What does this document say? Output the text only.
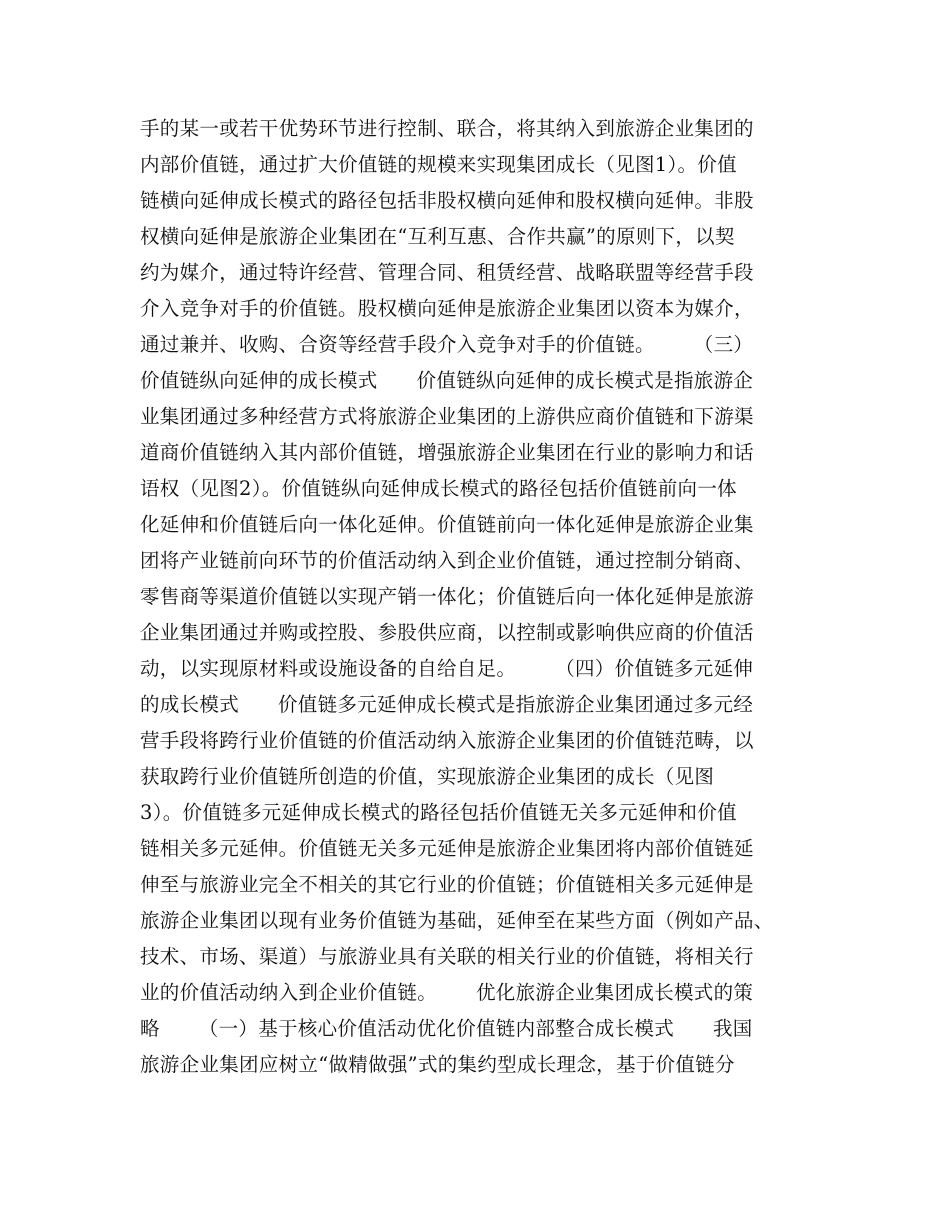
手的某一或若干优势环节进行控制、联合，将其纳入到旅游企业集团的
内部价值链，通过扩大价值链的规模来实现集团成长（见图1）。价值
链横向延伸成长模式的路径包括非股权横向延伸和股权横向延伸。非股
权横向延伸是旅游企业集团在“互利互惠、合作共赢”的原则下，以契
约为媒介，通过特许经营、管理合同、租赁经营、战略联盟等经营手段
介入竞争对手的价值链。股权横向延伸是旅游企业集团以资本为媒介，
通过兼并、收购、合资等经营手段介入竞争对手的价值链。      （三）
价值链纵向延伸的成长模式      价值链纵向延伸的成长模式是指旅游企
业集团通过多种经营方式将旅游企业集团的上游供应商价值链和下游渠
道商价值链纳入其内部价值链，增强旅游企业集团在行业的影响力和话
语权（见图2）。价值链纵向延伸成长模式的路径包括价值链前向一体
化延伸和价值链后向一体化延伸。价值链前向一体化延伸是旅游企业集
团将产业链前向环节的价值活动纳入到企业价值链，通过控制分销商、
零售商等渠道价值链以实现产销一体化；价值链后向一体化延伸是旅游
企业集团通过并购或控股、参股供应商，以控制或影响供应商的价值活
动，以实现原材料或设施设备的自给自足。      （四）价值链多元延伸
的成长模式      价值链多元延伸成长模式是指旅游企业集团通过多元经
营手段将跨行业价值链的价值活动纳入旅游企业集团的价值链范畴，以
获取跨行业价值链所创造的价值，实现旅游企业集团的成长（见图
3）。价值链多元延伸成长模式的路径包括价值链无关多元延伸和价值
链相关多元延伸。价值链无关多元延伸是旅游企业集团将内部价值链延
伸至与旅游业完全不相关的其它行业的价值链；价值链相关多元延伸是
旅游企业集团以现有业务价值链为基础，延伸至在某些方面（例如产品、
技术、市场、渠道）与旅游业具有关联的相关行业的价值链，将相关行
业的价值活动纳入到企业价值链。      优化旅游企业集团成长模式的策
略      （一）基于核心价值活动优化价值链内部整合成长模式      我国
旅游企业集团应树立“做精做强”式的集约型成长理念，基于价值链分
